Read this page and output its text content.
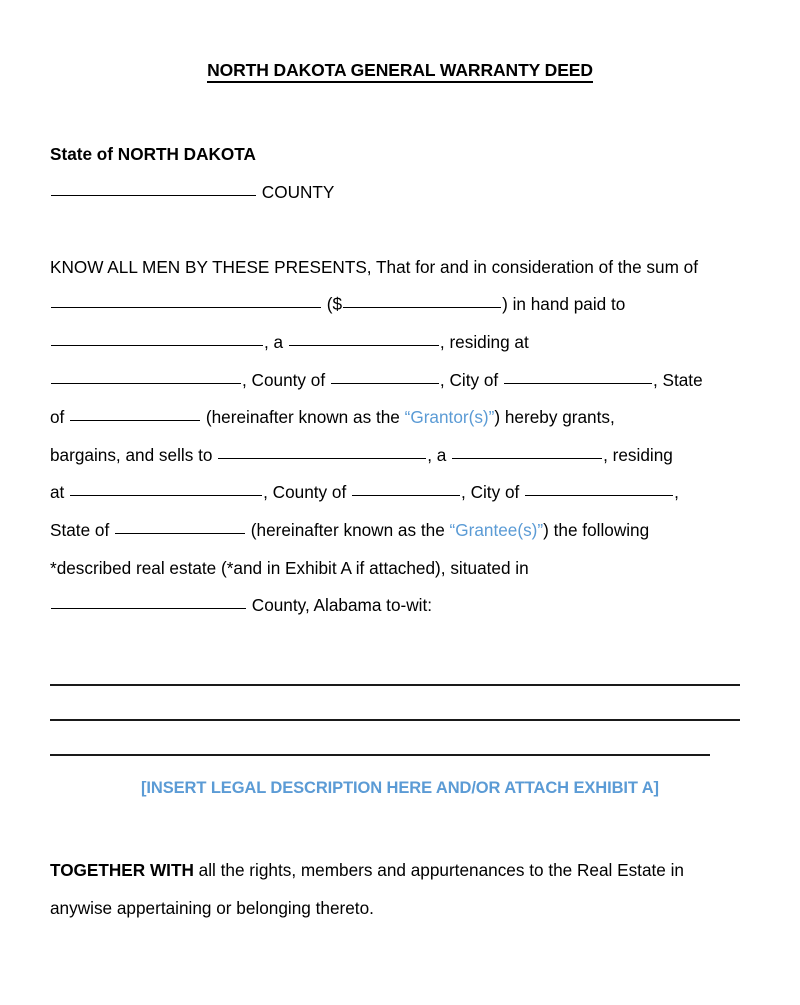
NORTH DAKOTA GENERAL WARRANTY DEED
State of NORTH DAKOTA
COUNTY
KNOW ALL MEN BY THESE PRESENTS, That for and in consideration of the sum of
($	) in hand paid to
, a	, residing at
, County of	, City of	, State
of	(hereinafter known as the “Grantor(s)”) hereby grants,
bargains, and sells to	, a	, residing
at	, County of	, City of	,
State of	(hereinafter known as the “Grantee(s)”) the following
*described real estate (*and in Exhibit A if attached), situated in
County, Alabama to-wit:
[INSERT LEGAL DESCRIPTION HERE AND/OR ATTACH EXHIBIT A]
TOGETHER WITH all the rights, members and appurtenances to the Real Estate in
anywise appertaining or belonging thereto.
